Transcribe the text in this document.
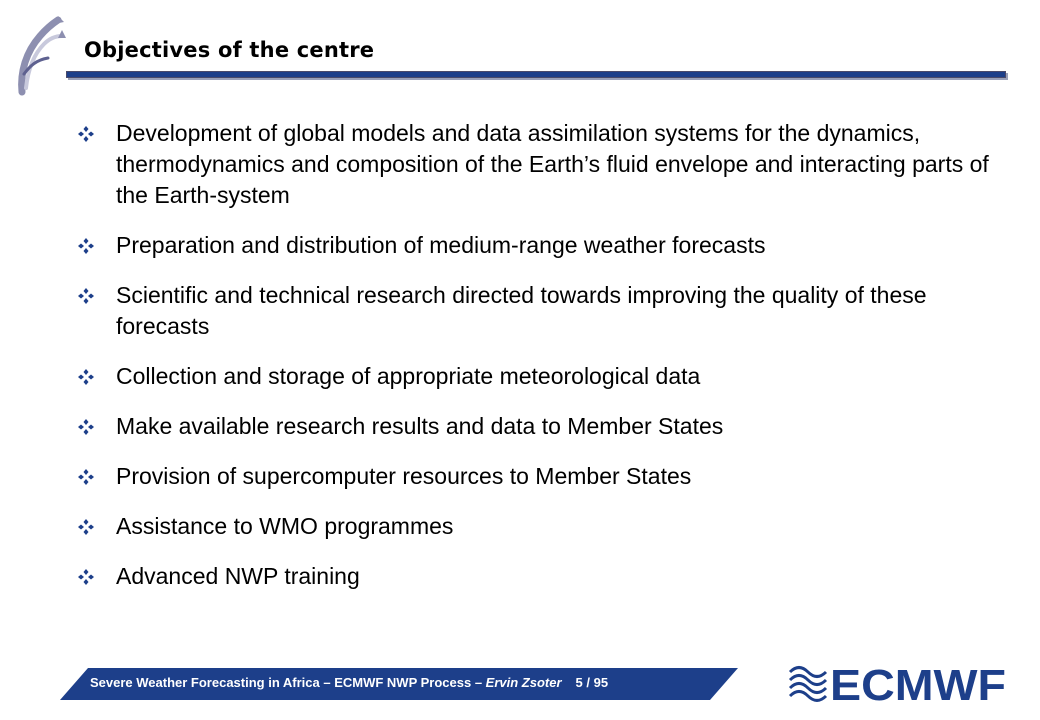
Objectives of the centre
Development of global models and data assimilation systems for the dynamics, thermodynamics and composition of the Earth’s fluid envelope and interacting parts of the Earth-system
Preparation and distribution of medium-range weather forecasts
Scientific and technical research directed towards improving the quality of these forecasts
Collection and storage of appropriate meteorological data
Make available research results and data to Member States
Provision of supercomputer resources to Member States
Assistance to WMO programmes
Advanced NWP training
Severe Weather Forecasting in Africa – ECMWF NWP Process – Ervin Zsoter 5 / 95	ECMWF
